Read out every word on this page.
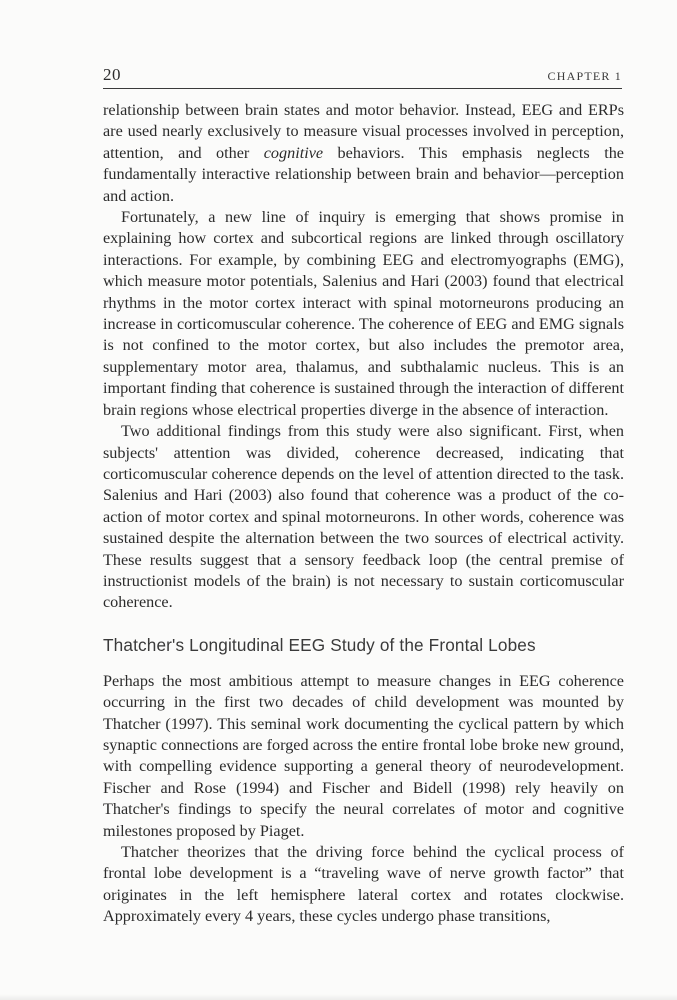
20	CHAPTER 1

relationship between brain states and motor behavior. Instead, EEG and ERPs are used nearly exclusively to measure visual processes involved in perception, attention, and other cognitive behaviors. This emphasis neglects the fundamentally interactive relationship between brain and behavior—perception and action.

Fortunately, a new line of inquiry is emerging that shows promise in explaining how cortex and subcortical regions are linked through oscillatory interactions. For example, by combining EEG and electromyographs (EMG), which measure motor potentials, Salenius and Hari (2003) found that electrical rhythms in the motor cortex interact with spinal motorneurons producing an increase in corticomuscular coherence. The coherence of EEG and EMG signals is not confined to the motor cortex, but also includes the premotor area, supplementary motor area, thalamus, and subthalamic nucleus. This is an important finding that coherence is sustained through the interaction of different brain regions whose electrical properties diverge in the absence of interaction.

Two additional findings from this study were also significant. First, when subjects' attention was divided, coherence decreased, indicating that corticomuscular coherence depends on the level of attention directed to the task. Salenius and Hari (2003) also found that coherence was a product of the co-action of motor cortex and spinal motorneurons. In other words, coherence was sustained despite the alternation between the two sources of electrical activity. These results suggest that a sensory feedback loop (the central premise of instructionist models of the brain) is not necessary to sustain corticomuscular coherence.

Thatcher's Longitudinal EEG Study of the Frontal Lobes

Perhaps the most ambitious attempt to measure changes in EEG coherence occurring in the first two decades of child development was mounted by Thatcher (1997). This seminal work documenting the cyclical pattern by which synaptic connections are forged across the entire frontal lobe broke new ground, with compelling evidence supporting a general theory of neurodevelopment. Fischer and Rose (1994) and Fischer and Bidell (1998) rely heavily on Thatcher's findings to specify the neural correlates of motor and cognitive milestones proposed by Piaget.

Thatcher theorizes that the driving force behind the cyclical process of frontal lobe development is a “traveling wave of nerve growth factor” that originates in the left hemisphere lateral cortex and rotates clockwise. Approximately every 4 years, these cycles undergo phase transitions,
